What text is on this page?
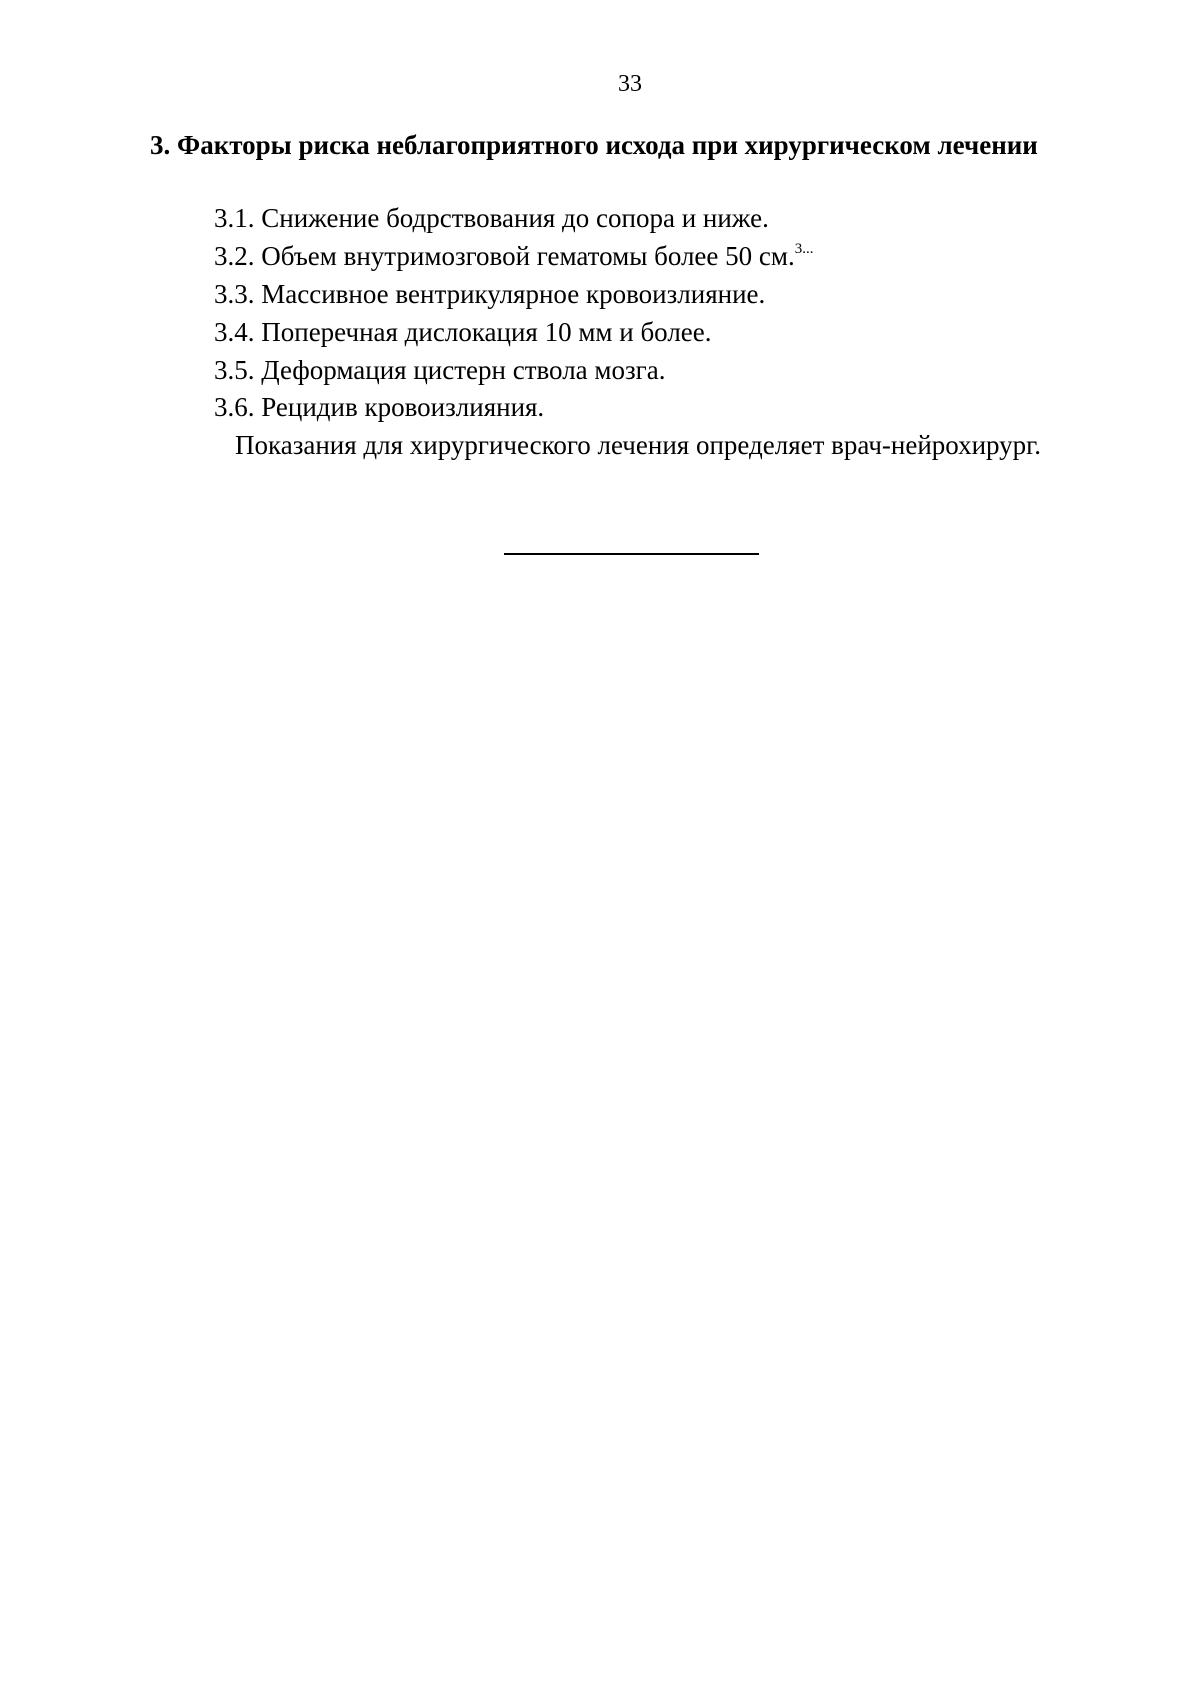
33
3. Факторы риска неблагоприятного исхода при хирургическом лечении
3.1. Снижение бодрствования до сопора и ниже.
3.2. Объем внутримозговой гематомы более 50 см.$^{3...}$
3.3. Массивное вентрикулярное кровоизлияние.
3.4. Поперечная дислокация 10 мм и более.
3.5. Деформация цистерн ствола мозга.
3.6. Рецидив кровоизлияния.
Показания для хирургического лечения определяет врач-нейрохирург.
